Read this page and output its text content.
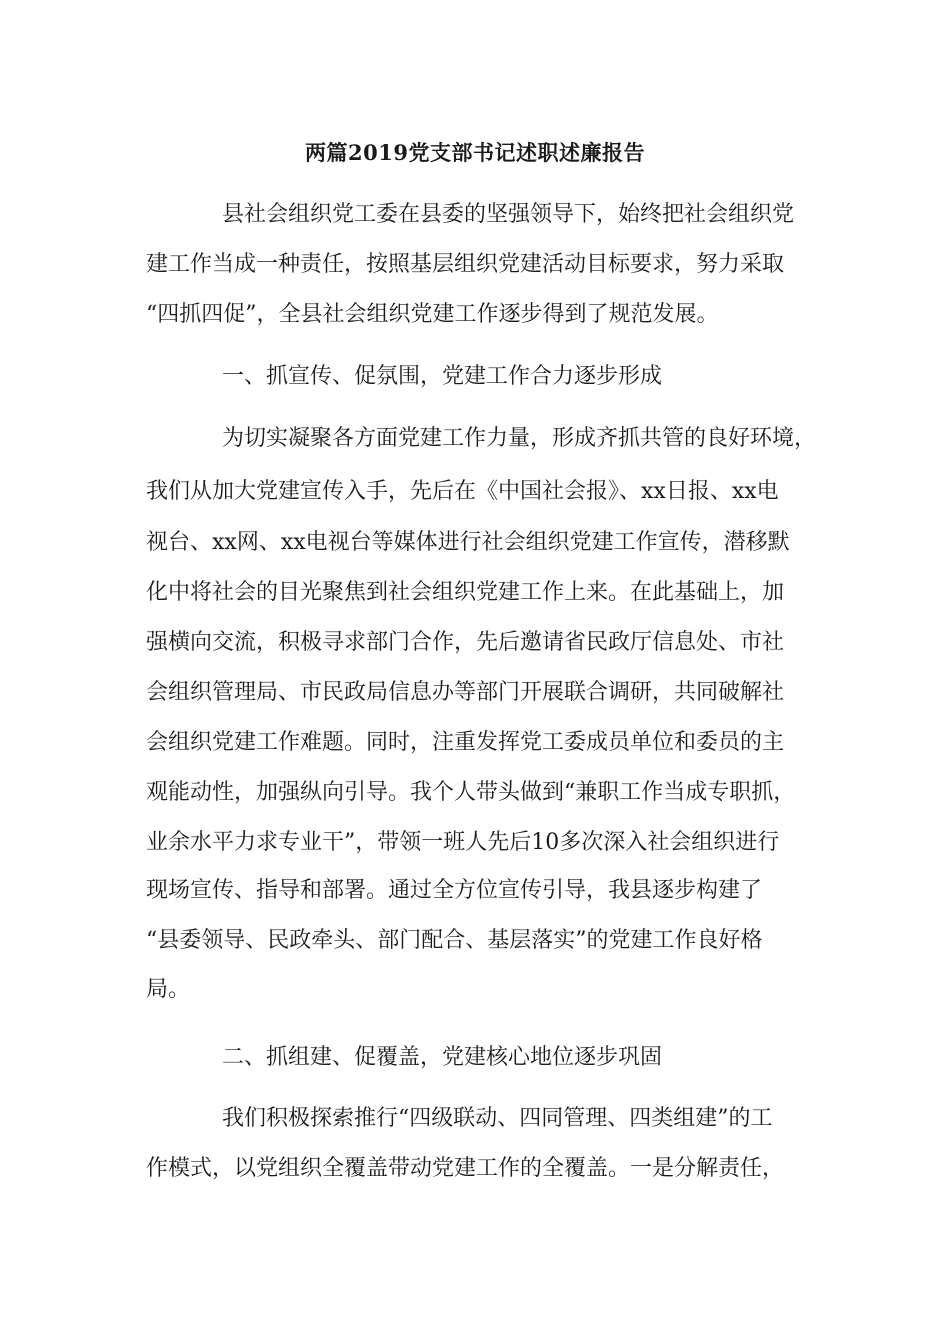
两篇2019党支部书记述职述廉报告

县社会组织党工委在县委的坚强领导下，始终把社会组织党

建工作当成一种责任，按照基层组织党建活动目标要求，努力采取

“四抓四促”，全县社会组织党建工作逐步得到了规范发展。

一、抓宣传、促氛围，党建工作合力逐步形成

为切实凝聚各方面党建工作力量，形成齐抓共管的良好环境，

我们从加大党建宣传入手，先后在《中国社会报》、xx日报、xx电

视台、xx网、xx电视台等媒体进行社会组织党建工作宣传，潜移默

化中将社会的目光聚焦到社会组织党建工作上来。在此基础上，加

强横向交流，积极寻求部门合作，先后邀请省民政厅信息处、市社

会组织管理局、市民政局信息办等部门开展联合调研，共同破解社

会组织党建工作难题。同时，注重发挥党工委成员单位和委员的主

观能动性，加强纵向引导。我个人带头做到“兼职工作当成专职抓，

业余水平力求专业干”，带领一班人先后10多次深入社会组织进行

现场宣传、指导和部署。通过全方位宣传引导，我县逐步构建了

“县委领导、民政牵头、部门配合、基层落实”的党建工作良好格

局。

二、抓组建、促覆盖，党建核心地位逐步巩固

我们积极探索推行“四级联动、四同管理、四类组建”的工

作模式，以党组织全覆盖带动党建工作的全覆盖。一是分解责任，
